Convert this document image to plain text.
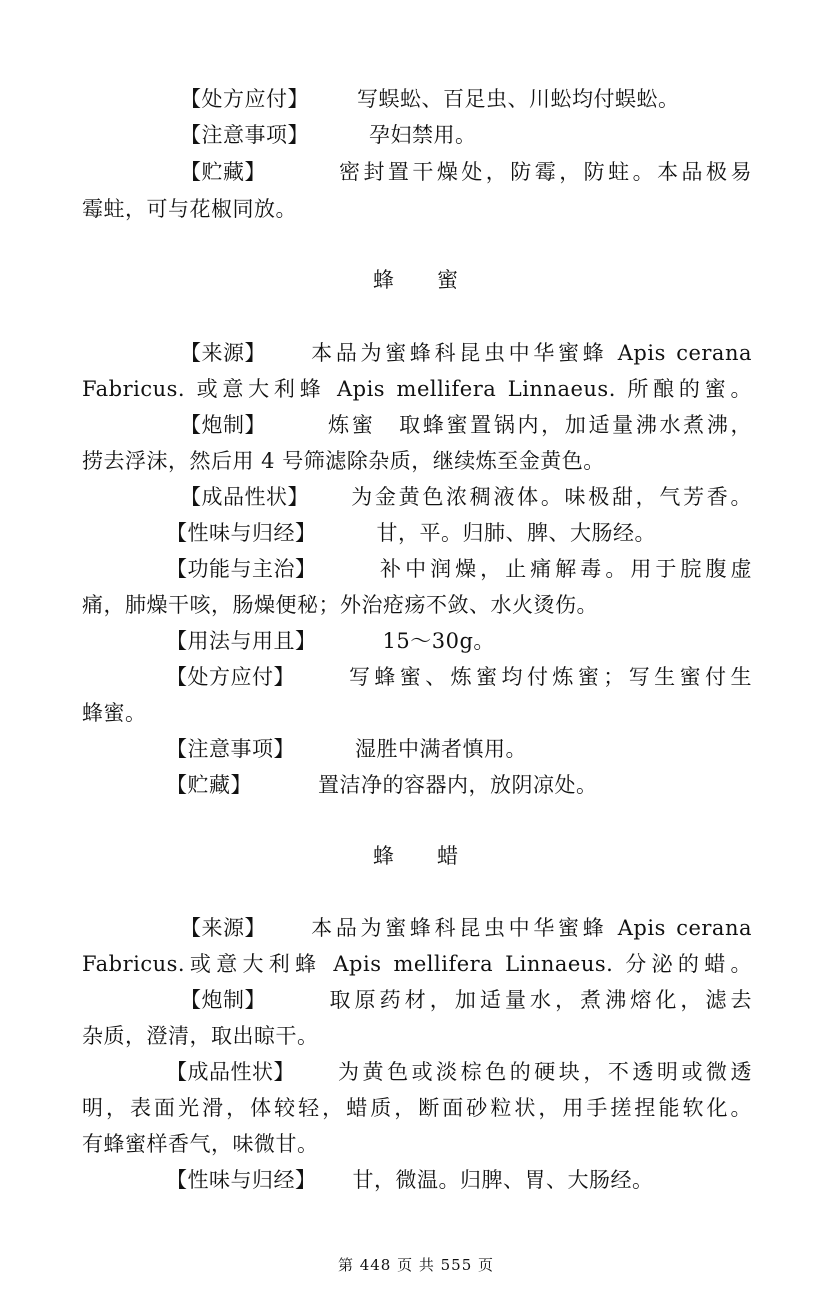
【处方应付】 写蜈蚣、百足虫、川蚣均付蜈蚣。
【注意事项】	孕妇禁用。
【贮藏】	密封置干燥处，防霉，防蛀。本品极易
霉蛀，可与花椒同放。
蜂 蜜
【来源】 本品为蜜蜂科昆虫中华蜜蜂 Apis cerana
Fabricus. 或意大利蜂 Apis mellifera Linnaeus. 所酿的蜜。
【炮制】	炼蜜　取蜂蜜置锅内，加适量沸水煮沸，
捞去浮沫，然后用 4 号筛滤除杂质，继续炼至金黄色。
【成品性状】 为金黄色浓稠液体。味极甜，气芳香。
【性味与归经】	甘，平。归肺、脾、大肠经。
【功能与主治】	补中润燥，止痛解毒。用于脘腹虚
痛，肺燥干咳，肠燥便秘；外治疮疡不敛、水火烫伤。
【用法与用且】	15～30g。
【处方应付】 写蜂蜜、炼蜜均付炼蜜；写生蜜付生
蜂蜜。
【注意事项】	湿胜中满者慎用。
【贮藏】	置洁净的容器内，放阴凉处。
蜂 蜡
【来源】 本品为蜜蜂科昆虫中华蜜蜂 Apis cerana
Fabricus.或意大利蜂 Apis mellifera Linnaeus. 分泌的蜡。
【炮制】	取原药材，加适量水，煮沸熔化，滤去
杂质，澄清，取出晾干。
【成品性状】 为黄色或淡棕色的硬块，不透明或微透
明，表面光滑，体较轻，蜡质，断面砂粒状，用手搓捏能软化。
有蜂蜜样香气，味微甘。
【性味与归经】 甘，微温。归脾、胃、大肠经。
第 448 页 共 555 页
